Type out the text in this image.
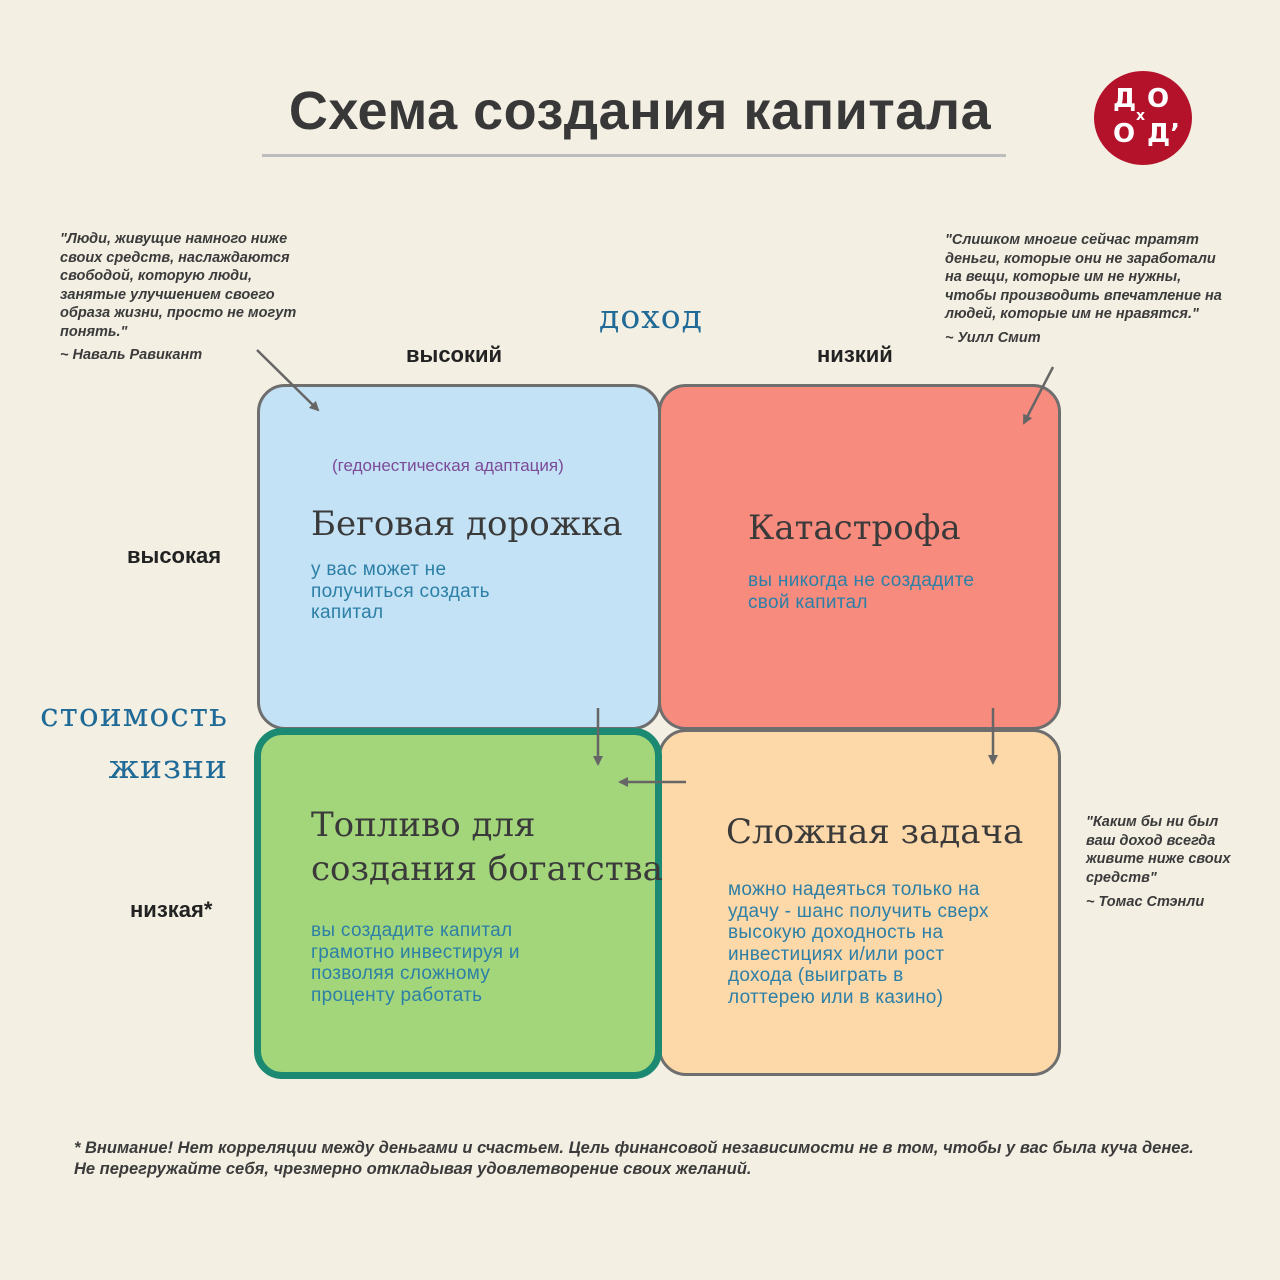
Схема создания капитала	Д О
x
О Д’
"Люди, живущие намного ниже
своих средств, наслаждаются
свободой, которую люди,
занятые улучшением своего
образа жизни, просто не могут
понять."
~ Наваль Равикант
"Слишком многие сейчас тратят
деньги, которые они не заработали
на вещи, которые им не нужны,
чтобы производить впечатление на
людей, которые им не нравятся."
~ Уилл Смит
"Каким бы ни был
ваш доход всегда
живите ниже своих
средств"
~ Томас Стэнли
доход
высокий	низкий
стоимость
жизни
высокая
низкая*
(гедонестическая адаптация)
Беговая дорожка
у вас может не
получиться создать
капитал
Катастрофа
вы никогда не создадите
свой капитал
Топливо для
создания богатства
вы создадите капитал
грамотно инвестируя и
позволяя сложному
проценту работать
Сложная задача
можно надеяться только на
удачу - шанс получить сверх
высокую доходность на
инвестициях и/или рост
дохода (выиграть в
лоттерею или в казино)
* Внимание! Нет корреляции между деньгами и счастьем. Цель финансовой независимости не в том, чтобы у вас была куча денег. Не перегружайте себя, чрезмерно откладывая удовлетворение своих желаний.
